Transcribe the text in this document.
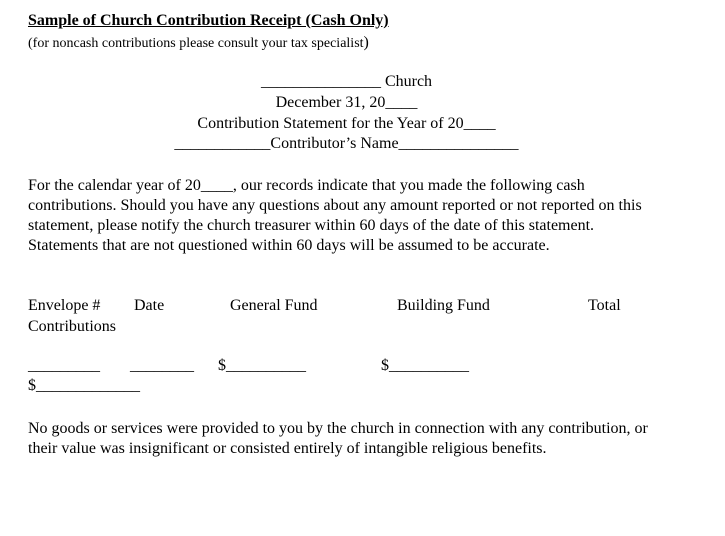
Sample of Church Contribution Receipt (Cash Only)
(for noncash contributions please consult your tax specialist)
_______________ Church
December 31, 20____
Contribution Statement for the Year of 20____
____________Contributor’s Name_______________
For the calendar year of 20____, our records indicate that you made the following cash contributions. Should you have any questions about any amount reported or not reported on this statement, please notify the church treasurer within 60 days of the date of this statement. Statements that are not questioned within 60 days will be assumed to be accurate.
Envelope # Date	General Fund	Building Fund	Total
Contributions
_________ ________ $__________	$__________
$_____________
No goods or services were provided to you by the church in connection with any contribution, or their value was insignificant or consisted entirely of intangible religious benefits.
